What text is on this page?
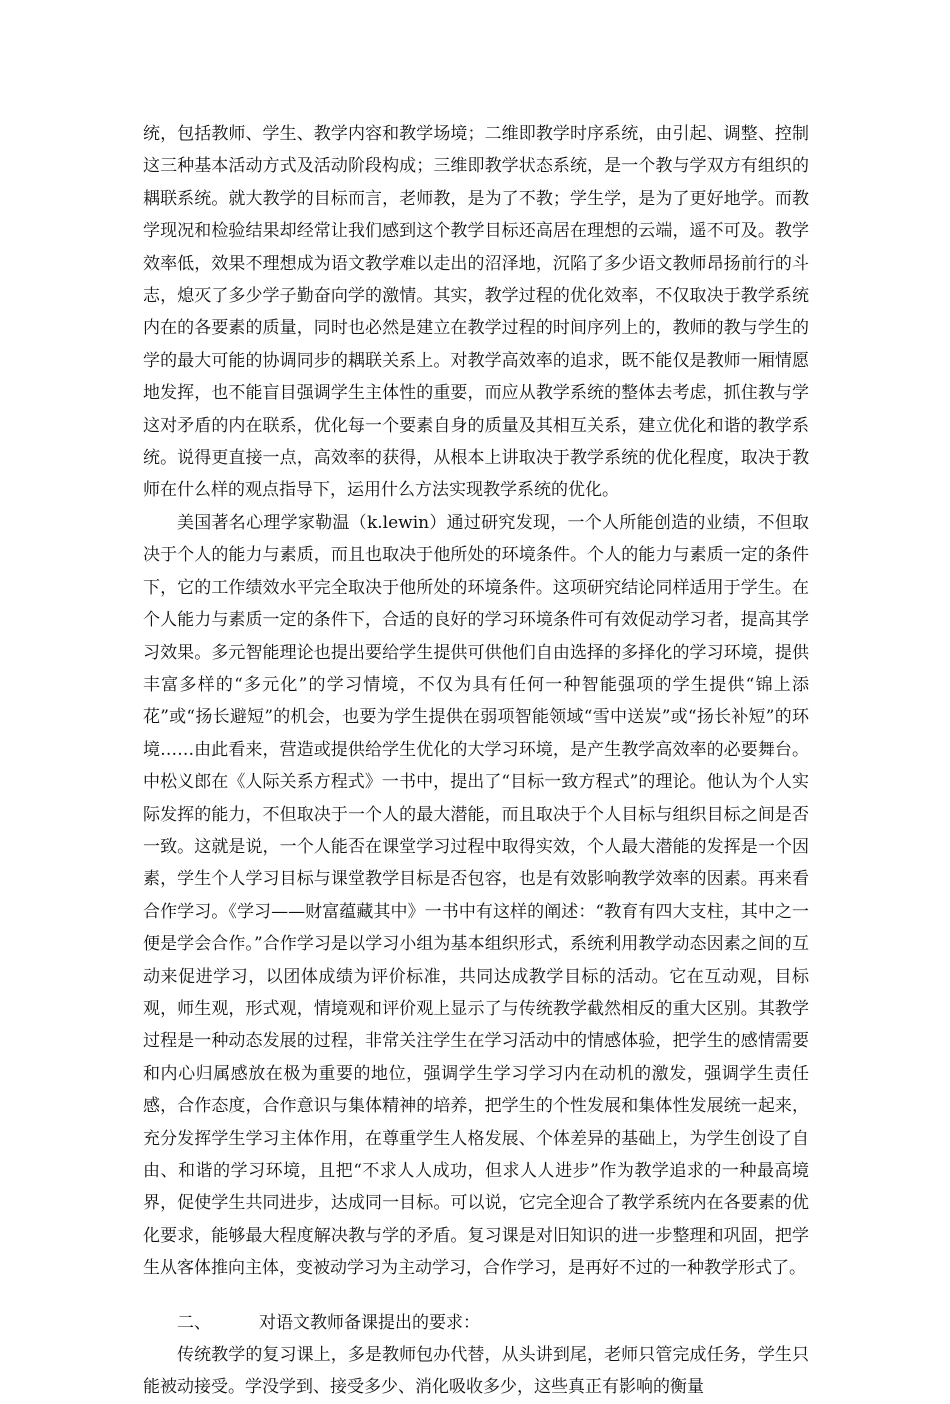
统，包括教师、学生、教学内容和教学场境；二维即教学时序系统，由引起、调整、控制这三种基本活动方式及活动阶段构成；三维即教学状态系统，是一个教与学双方有组织的耦联系统。就大教学的目标而言，老师教，是为了不教；学生学，是为了更好地学。而教学现况和检验结果却经常让我们感到这个教学目标还高居在理想的云端，遥不可及。教学效率低，效果不理想成为语文教学难以走出的沼泽地，沉陷了多少语文教师昂扬前行的斗志，熄灭了多少学子勤奋向学的激情。其实，教学过程的优化效率，不仅取决于教学系统内在的各要素的质量，同时也必然是建立在教学过程的时间序列上的，教师的教与学生的学的最大可能的协调同步的耦联关系上。对教学高效率的追求，既不能仅是教师一厢情愿地发挥，也不能盲目强调学生主体性的重要，而应从教学系统的整体去考虑，抓住教与学这对矛盾的内在联系，优化每一个要素自身的质量及其相互关系，建立优化和谐的教学系统。说得更直接一点，高效率的获得，从根本上讲取决于教学系统的优化程度，取决于教师在什么样的观点指导下，运用什么方法实现教学系统的优化。

美国著名心理学家勒温（k.lewin）通过研究发现，一个人所能创造的业绩，不但取决于个人的能力与素质，而且也取决于他所处的环境条件。个人的能力与素质一定的条件下，它的工作绩效水平完全取决于他所处的环境条件。这项研究结论同样适用于学生。在个人能力与素质一定的条件下，合适的良好的学习环境条件可有效促动学习者，提高其学习效果。多元智能理论也提出要给学生提供可供他们自由选择的多择化的学习环境，提供丰富多样的“多元化”的学习情境，不仅为具有任何一种智能强项的学生提供“锦上添花”或“扬长避短”的机会，也要为学生提供在弱项智能领域“雪中送炭”或“扬长补短”的环境……由此看来，营造或提供给学生优化的大学习环境，是产生教学高效率的必要舞台。中松义郎在《人际关系方程式》一书中，提出了“目标一致方程式”的理论。他认为个人实际发挥的能力，不但取决于一个人的最大潜能，而且取决于个人目标与组织目标之间是否一致。这就是说，一个人能否在课堂学习过程中取得实效，个人最大潜能的发挥是一个因素，学生个人学习目标与课堂教学目标是否包容，也是有效影响教学效率的因素。再来看合作学习。《学习——财富蕴藏其中》一书中有这样的阐述：“教育有四大支柱，其中之一便是学会合作。”合作学习是以学习小组为基本组织形式，系统利用教学动态因素之间的互动来促进学习，以团体成绩为评价标准，共同达成教学目标的活动。它在互动观，目标观，师生观，形式观，情境观和评价观上显示了与传统教学截然相反的重大区别。其教学过程是一种动态发展的过程，非常关注学生在学习活动中的情感体验，把学生的感情需要和内心归属感放在极为重要的地位，强调学生学习学习内在动机的激发，强调学生责任感，合作态度，合作意识与集体精神的培养，把学生的个性发展和集体性发展统一起来，充分发挥学生学习主体作用，在尊重学生人格发展、个体差异的基础上，为学生创设了自由、和谐的学习环境，且把“不求人人成功，但求人人进步”作为教学追求的一种最高境界，促使学生共同进步，达成同一目标。可以说，它完全迎合了教学系统内在各要素的优化要求，能够最大程度解决教与学的矛盾。复习课是对旧知识的进一步整理和巩固，把学生从客体推向主体，变被动学习为主动学习，合作学习，是再好不过的一种教学形式了。

二、	对语文教师备课提出的要求：

传统教学的复习课上，多是教师包办代替，从头讲到尾，老师只管完成任务，学生只能被动接受。学没学到、接受多少、消化吸收多少，这些真正有影响的衡量
